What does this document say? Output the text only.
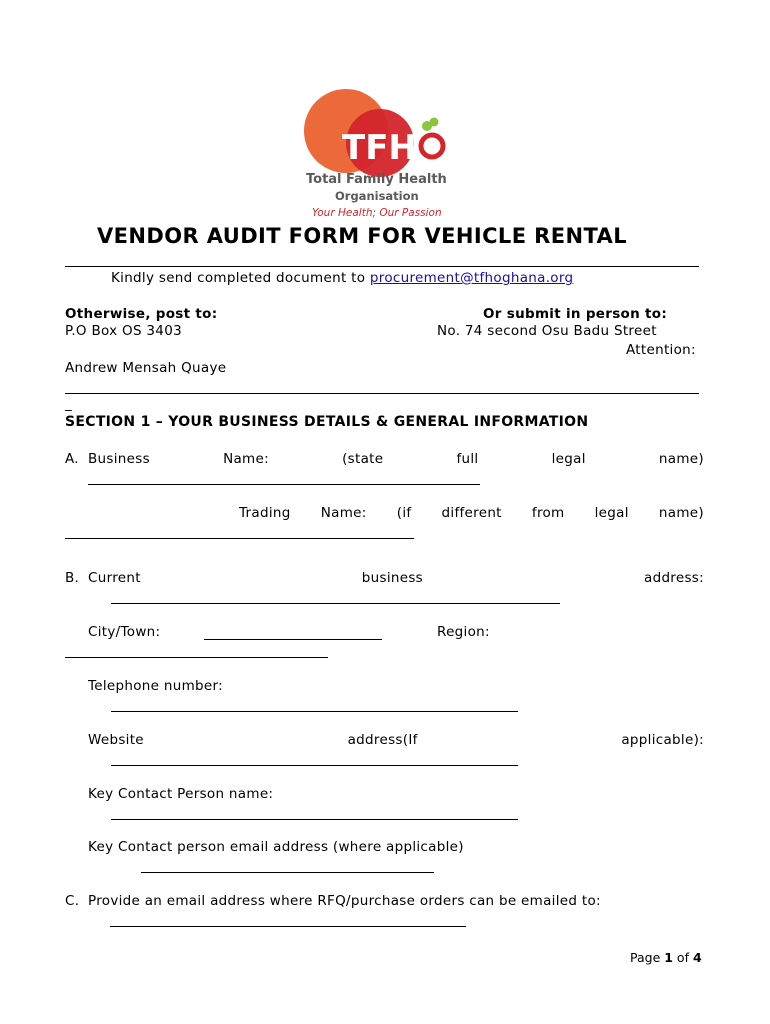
TFH
Total Family Health
Organisation
Your Health; Our Passion
VENDOR AUDIT FORM FOR VEHICLE RENTAL
Kindly send completed document to procurement@tfhoghana.org
Otherwise, post to:	Or submit in person to:
P.O Box OS 3403	No. 74 second Osu Badu Street
Attention:
Andrew Mensah Quaye
_
SECTION 1 – YOUR BUSINESS DETAILS & GENERAL INFORMATION
A. Business	Name:	(state	full	legal	name)
Trading Name: (if different from legal name)
B. Current	business	address:
City/Town:	Region:
Telephone number:
Website	address(If	applicable):
Key Contact Person name:
Key Contact person email address (where applicable)
C. Provide an email address where RFQ/purchase orders can be emailed to:
Page 1 of 4
